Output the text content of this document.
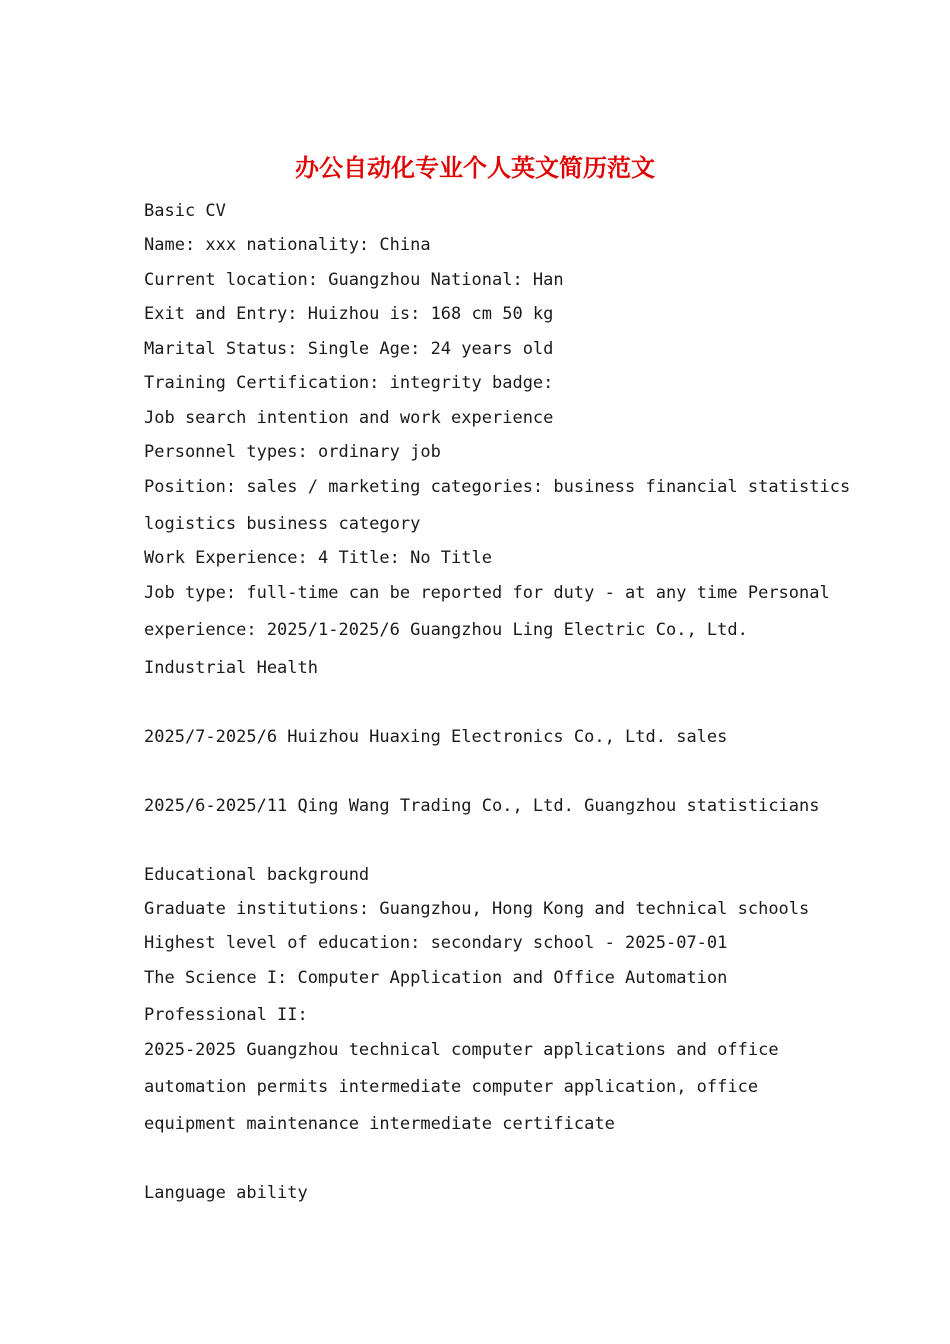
办公自动化专业个人英文简历范文
Basic CV
Name: xxx nationality: China
Current location: Guangzhou National: Han
Exit and Entry: Huizhou is: 168 cm 50 kg
Marital Status: Single Age: 24 years old
Training Certification: integrity badge:
Job search intention and work experience
Personnel types: ordinary job
Position: sales / marketing categories: business financial statistics
logistics business category
Work Experience: 4 Title: No Title
Job type: full-time can be reported for duty - at any time Personal
experience: 2025/1-2025/6 Guangzhou Ling Electric Co., Ltd.
Industrial Health
2025/7-2025/6 Huizhou Huaxing Electronics Co., Ltd. sales
2025/6-2025/11 Qing Wang Trading Co., Ltd. Guangzhou statisticians
Educational background
Graduate institutions: Guangzhou, Hong Kong and technical schools
Highest level of education: secondary school - 2025-07-01
The Science I: Computer Application and Office Automation
Professional II:
2025-2025 Guangzhou technical computer applications and office
automation permits intermediate computer application, office
equipment maintenance intermediate certificate
Language ability
